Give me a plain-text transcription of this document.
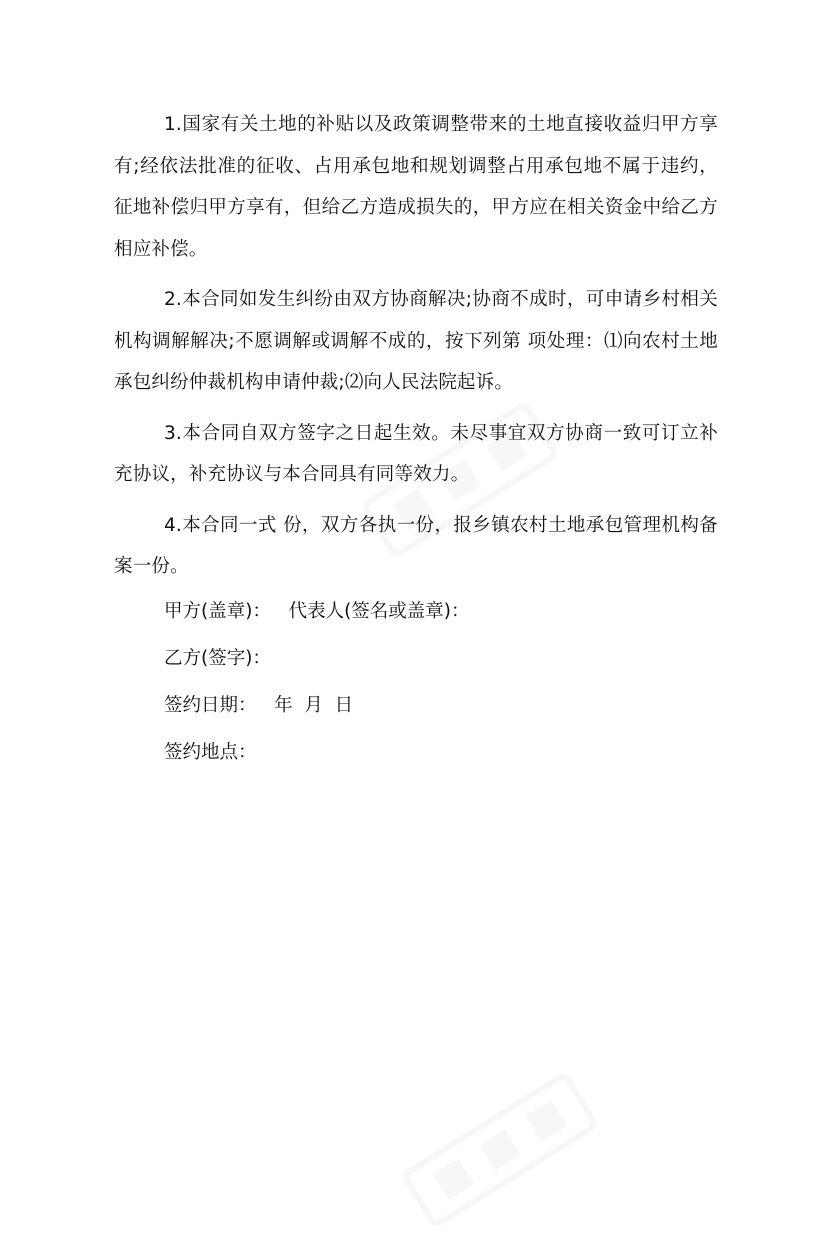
1.国家有关土地的补贴以及政策调整带来的土地直接收益归甲方享有;经依法批准的征收、占用承包地和规划调整占用承包地不属于违约，征地补偿归甲方享有，但给乙方造成损失的，甲方应在相关资金中给乙方相应补偿。

2.本合同如发生纠纷由双方协商解决;协商不成时，可申请乡村相关机构调解解决;不愿调解或调解不成的，按下列第 项处理：⑴向农村土地承包纠纷仲裁机构申请仲裁;⑵向人民法院起诉。

3.本合同自双方签字之日起生效。未尽事宜双方协商一致可订立补充协议，补充协议与本合同具有同等效力。

4.本合同一式 份，双方各执一份，报乡镇农村土地承包管理机构备案一份。

甲方(盖章)：   代表人(签名或盖章)：
乙方(签字)：
签约日期：   年  月  日
签约地点：
